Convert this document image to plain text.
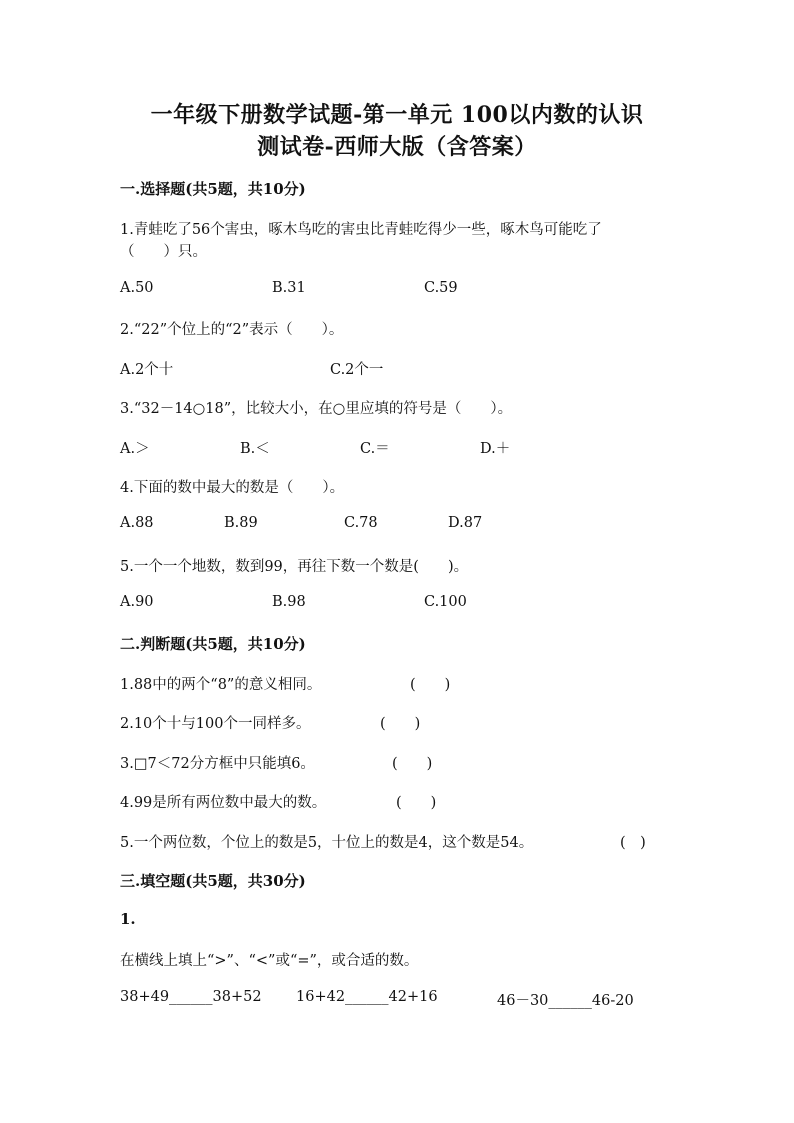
一年级下册数学试题-第一单元 100以内数的认识
测试卷-西师大版（含答案）
一.选择题(共5题，共10分)
1.青蛙吃了56个害虫，啄木鸟吃的害虫比青蛙吃得少一些，啄木鸟可能吃了
（　　）只。
A.50	B.31	C.59
2.“22”个位上的“2”表示（　　）。
A.2个十	C.2个一
3.“32－14○18”，比较大小，在○里应填的符号是（　　）。
A.＞	B.＜	C.＝	D.＋
4.下面的数中最大的数是（　　）。
A.88	B.89	C.78	D.87
5.一个一个地数，数到99，再往下数一个数是(　　)。
A.90	B.98	C.100
二.判断题(共5题，共10分)
1.88中的两个“8”的意义相同。	(　　)
2.10个十与100个一同样多。	(　　)
3.□7＜72分方框中只能填6。	(　　)
4.99是所有两位数中最大的数。	(　　)
5.一个两位数，个位上的数是5，十位上的数是4，这个数是54。	(　)
三.填空题(共5题，共30分)
1.
在横线上填上“>”、“<”或“=”，或合适的数。
38+49______38+52 16+42______42+16	46－30______46-20
